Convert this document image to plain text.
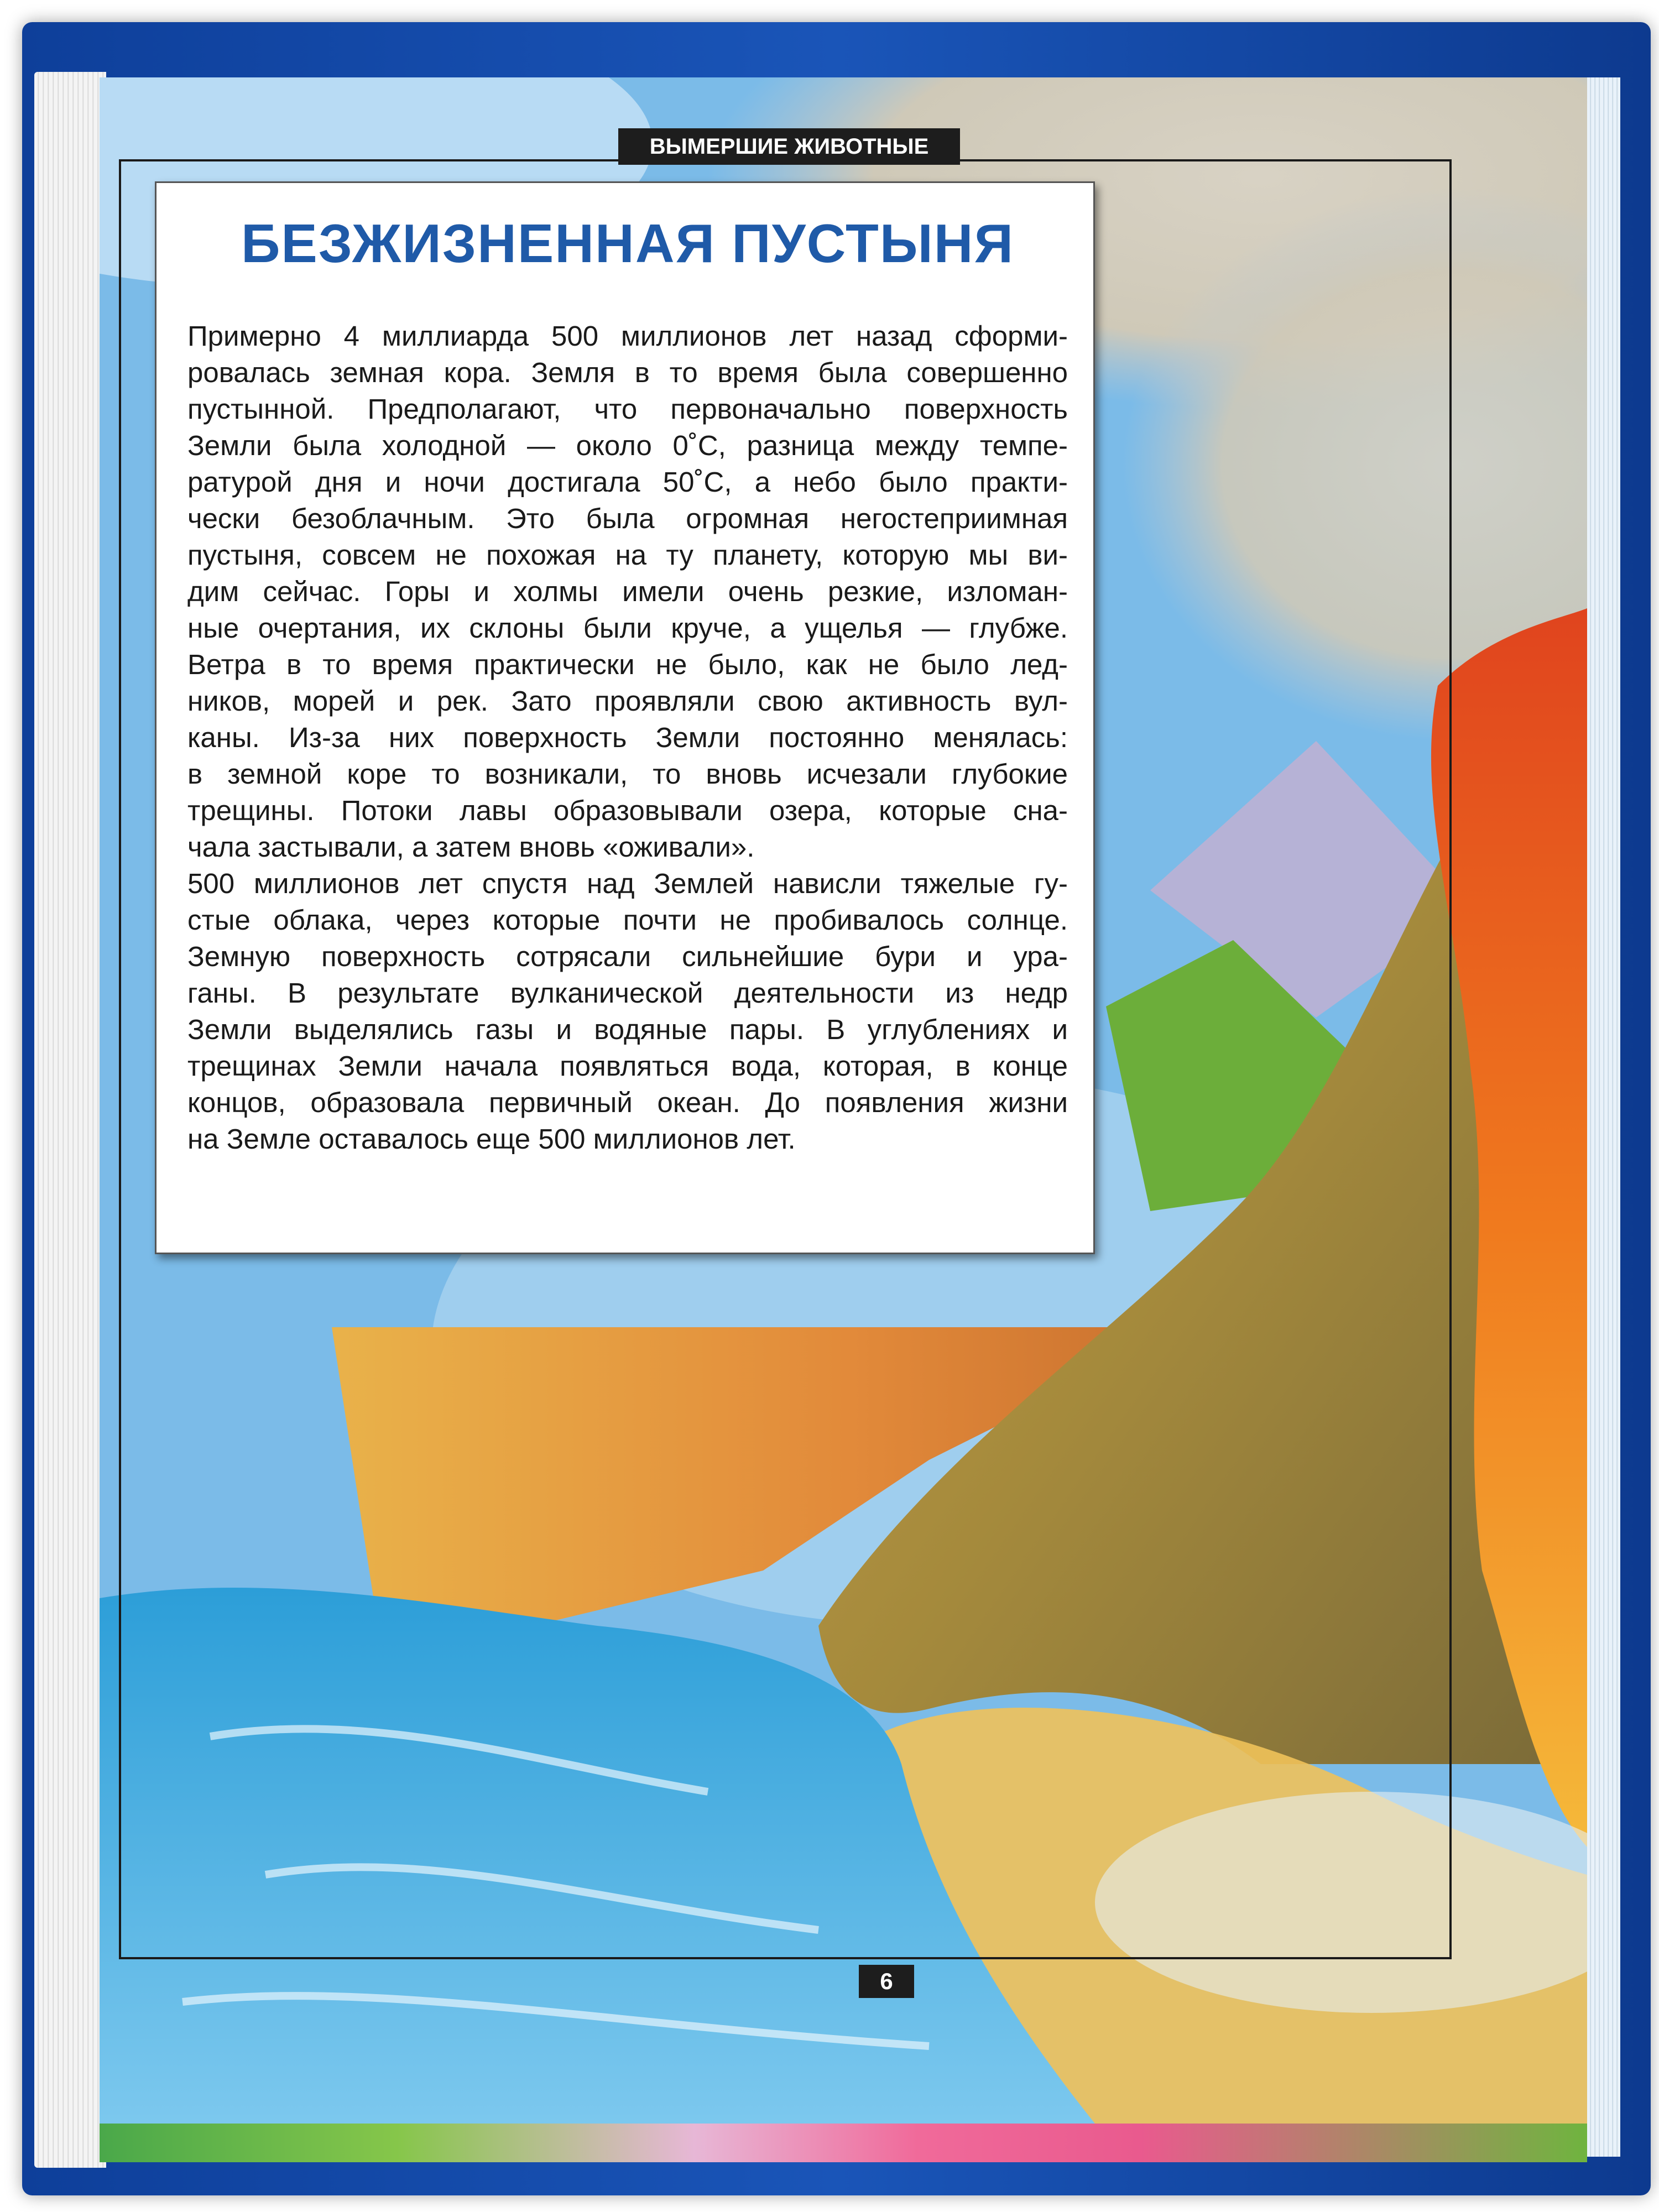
ВЫМЕРШИЕ ЖИВОТНЫЕ
БЕЗЖИЗНЕННАЯ ПУСТЫНЯ

Примерно 4 миллиарда 500 миллионов лет назад сформи-
ровалась земная кора. Земля в то время была совершенно
пустынной. Предполагают, что первоначально поверхность
Земли была холодной — около 0˚С, разница между темпе-
ратурой дня и ночи достигала 50˚С, а небо было практи-
чески безоблачным. Это была огромная негостеприимная
пустыня, совсем не похожая на ту планету, которую мы ви-
дим сейчас. Горы и холмы имели очень резкие, изломан-
ные очертания, их склоны были круче, а ущелья — глубже.
Ветра в то время практически не было, как не было лед-
ников, морей и рек. Зато проявляли свою активность вул-
каны. Из-за них поверхность Земли постоянно менялась:
в земной коре то возникали, то вновь исчезали глубокие
трещины. Потоки лавы образовывали озера, которые сна-
чала застывали, а затем вновь «оживали».
500 миллионов лет спустя над Землей нависли тяжелые гу-
стые облака, через которые почти не пробивалось солнце.
Земную поверхность сотрясали сильнейшие бури и ура-
ганы. В результате вулканической деятельности из недр
Земли выделялись газы и водяные пары. В углублениях и
трещинах Земли начала появляться вода, которая, в конце
концов, образовала первичный океан. До появления жизни
на Земле оставалось еще 500 миллионов лет.

6
